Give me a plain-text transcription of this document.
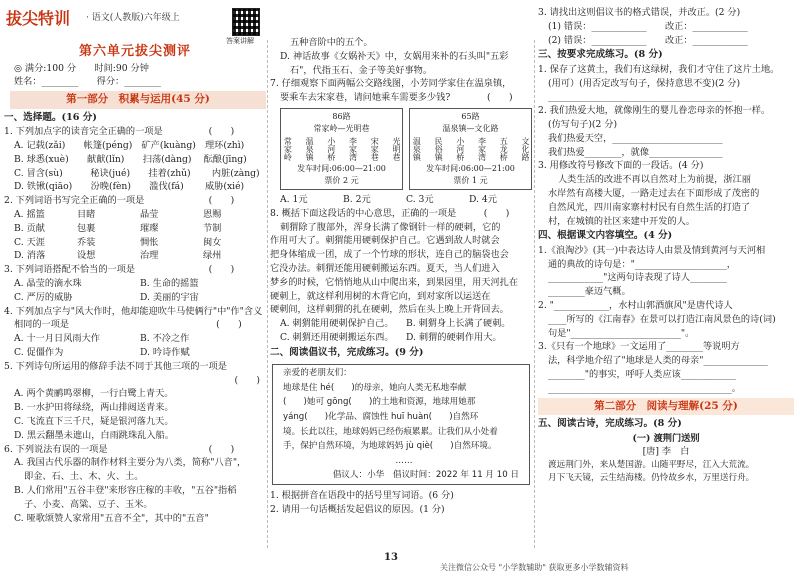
拔尖特训 · 语文(人教版)六年级上
答案讲解
第六单元拔尖测评
◎ 满分:100 分　　时间:90 分钟
姓名：________　　得分：________
第一部分　积累与运用(45 分)
一、选择题。(16 分)
1. 下列加点字的读音完全正确的一项是　　　　　(　　)
A. 记载(zǎi)　　帐篷(péng)　矿产(kuàng)　理环(zhì)
B. 球悉(xuè)　　献献(lǐn)　　扫荡(dàng)　 酝酿(jīng)
C. 冒含(sù)　　　秘诀(jué)　　挂着(zhǔ)　　 内脏(zàng)
D. 铁锹(qiāo)　　汾晚(fèn)　　滥伐(fá)　　 威胁(xié)
2. 下列词语书写完全正确的一项是　　　　　　　(　　)
A. 摇篮	目睹	晶莹	恩赐
B. 贡献	包裹	璀璨	节制
C. 天涯	乔装	惆怅	闽女
D. 消落	设想	治理	绿州
3. 下列词语搭配不恰当的一项是　　　　　　　　(　　)
A. 晶莹的滴水珠	B. 生命的摇篮
C. 严厉的威胁	D. 美丽的宇宙
4. 下列加点字与"风大作时，他却能迎吹牛马使俩行"中"作"含义
相同的一项是　　　　　　　　　　　　　　　　(　　)
A. 十一月日风雨大作	B. 不冷之作
C. 促僵作为	D. 吟诗作赋
5. 下列诗句所运用的修辞手法不同于其他三项的一项是
(　　)
A. 两个黄鹂鸣翠柳，一行白鹭上青天。
B. 一水护田将绿绕，两山排闼送青来。
C. 飞流直下三千尺，疑是银河落九天。
D. 黑云翻墨未遮山，白雨跳珠乱入船。
6. 下列说法有误的一项是　　　　　　　　　　　(　　)
A. 我国古代乐器的制作材料主要分为八类，简称"八音"，
即金、石、土、木、火、土。
B. 人们常用"五谷丰登"来形容庄稼的丰收，"五谷"指稻
子、小麦、高粱、豆子、玉米。
C. 哑歌颂赞人家常用"五音不全"，其中的"五音"
五种音阶中的五个。
D. 神话故事《女娲补天》中，女娲用来补的石头叫"五彩
石"，代指玉石、金子等美好事物。
7. 仔细观察下面两幅公交路线图，小芳同学家住在温泉镇，
要乘车去宋家巷，请问她乘车需要多少钱?　　　　(　　)
86路
常家岭—光明巷
常家岭 温泉镇 小河桥 李家湾 宋家巷 光明巷
发车时间:06:00—21:00
票价 2 元
65路
温泉镇—文化路
温泉镇 民俗镇 小河桥 李家湾 五龙桥 文化路
发车时间:06:00—21:00
票价 1 元
A. 1元	B. 2元	C. 3元	D. 4元
8. 概括下面这段话的中心意思，正确的一项是　　　(　　)
刺猬除了腹部外，浑身长满了像钢针一样的硬刺，它的
作用可大了。刺猬能用硬刺保护自己。它遇到敌人时就会
把身体缩成一团，成了一个竹球的形状，连自己的脑袋也会
它没办法。刺猬还能用硬刺搬运东西。夏天，当人们进入
梦乡的时候，它悄悄地从山中爬出来，到果园里，用天河扎在
硬刺上，就这样利用树的木背它向，到对家所以运送在
硬刺间，这样刺猬的扎在硬刺，然后在头上晚上开背回去。
A. 刺猬能用硬刺保护自己。	B. 刺猬身上长满了硬刺。
C. 刺猬还用硬刺搬运东西。	D. 刺猬的硬刺作用大。
二、阅读倡议书，完成练习。(9 分)
亲爱的老朋友们：
地球是住 hé(　　)的母亲，她向人类无私地奉献
(　　)她可 gōng(　　)的土地和资源，地球用她那
yáng(　　)化学品、腐蚀性 huī huàn(　　)自然环
境。长此以往，地球妈妈已经伤痕累累。让我们从小处着
手，保护自然环境，为地球妈妈 jù qiè(　　)自然环境。
……
倡议人：小华　倡议时间：2022 年 11 月 10 日
1. 根据拼音在语段中的括号里写词语。(6 分)
2. 请用一句话概括发起倡议的原因。(1 分)
3. 请找出这则倡议书的格式错误，并改正。(2 分)
(1) 错误：____________　　改正：____________
(2) 错误：____________　　改正：____________
三、按要求完成练习。(8 分)
1. 保存了这黄土，我们有这绿树，我们才守住了这片土地。
(用可）(用否定改写句子，保持意思不变)(2 分)
________________________________________
2. 我们热爱大地，就像刚生的婴儿眷恋母亲的怀抱一样。
(仿写句子)(2 分)
我们热爱天空，________________________
我们热爱________，就像________________
3. 用修改符号修改下面的一段话。(4 分)
人类生活的改进不再以自然对上为前提，浙江丽
水岸然有高楼大厦，一路走过去在下面形成了茂密的
自然风光，四川南家寨村村民有自然生活的打造了
村，在城镇的社区来建中开发的人。
四、根据课文内容填空。(4 分)
1.《浪淘沙》(其一)中表达诗人由景及情到黄河与天河相
通的典故的诗句是："____________________，
____________"这两句诗表现了诗人________
________豪迈气概。
2. "____________，水村山郭酒旗风"是唐代诗人
____所写的《江南春》在景可以打造江南风景色的诗(词)
句是"________________________"。
3.《只有一个地球》一文运用了________等说明方
法，科学地介绍了"地球是人类的母亲"______________
________"的事实，呼吁人类应该____________
________________________________________。
第二部分　阅读与理解(25 分)
五、阅读古诗，完成练习。(8 分)
(一) 渡荆门送别
[唐] 李　白
渡远荆门外，来从楚国游。山随平野尽，江入大荒流。
月下飞天镜，云生结海楼。仍怜故乡水，万里送行舟。
13
关注微信公众号 "小学数辅助" 获取更多小学数辅资料
